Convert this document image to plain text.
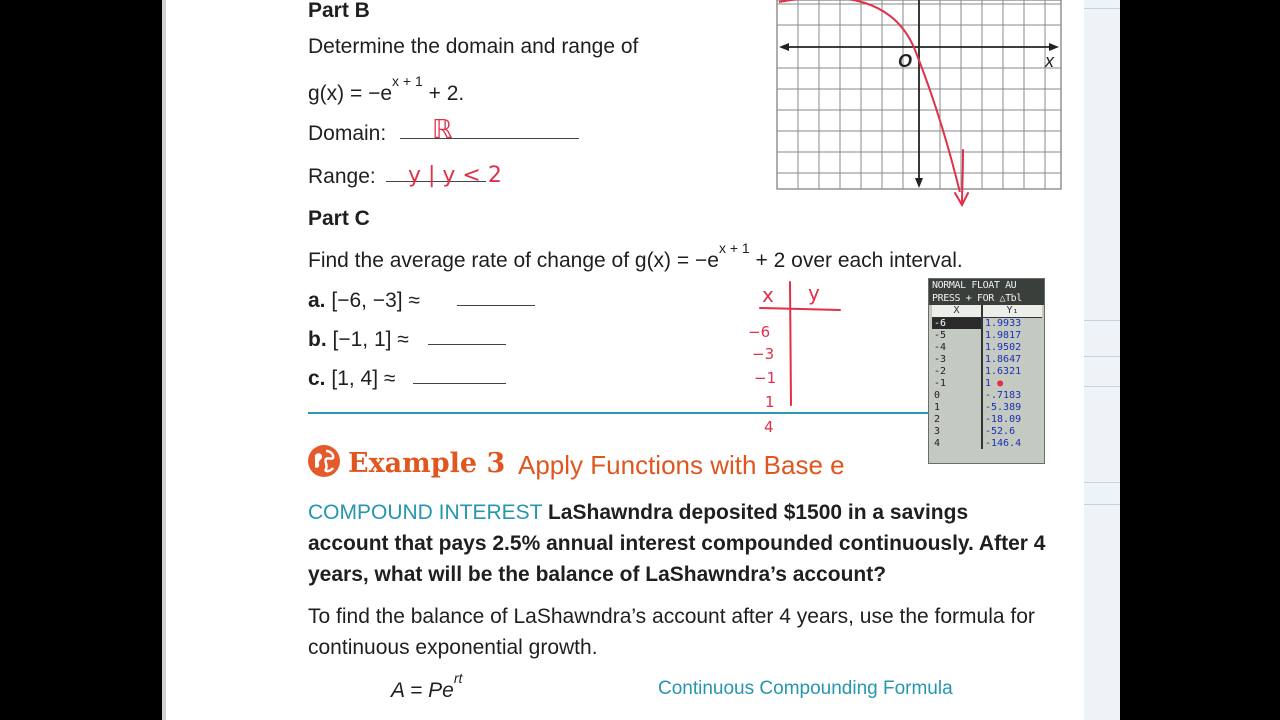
Part B
Determine the domain and range of
$g(x) = -e^{x + 1} + 2$.
Domain:
Range:
O	x
Part C
Find the average rate of change of $g(x) = -e^{x + 1} + 2$ over each interval.
a. [−6, −3] ≈
b. [−1, 1] ≈
c. [1, 4] ≈
ℝ
y | y < 2
x y
−6
−3
−1
1
4
NORMAL FLOAT AU
PRESS + FOR △Tbl
X	Y₁
-6	1.9933
-5	1.9817
-4	1.9502
-3	1.8647
-2	1.6321
-1	1 ●
0	-.7183
1	-5.389
2	-18.09
3	-52.6
4	-146.4
Example 3 Apply Functions with Base e
COMPOUND INTEREST LaShawndra deposited $1500 in a savings account that pays 2.5% annual interest compounded continuously. After 4 years, what will be the balance of LaShawndra’s account?
To find the balance of LaShawndra’s account after 4 years, use the formula for continuous exponential growth.
$A = Pe^{rt}$	Continuous Compounding Formula
